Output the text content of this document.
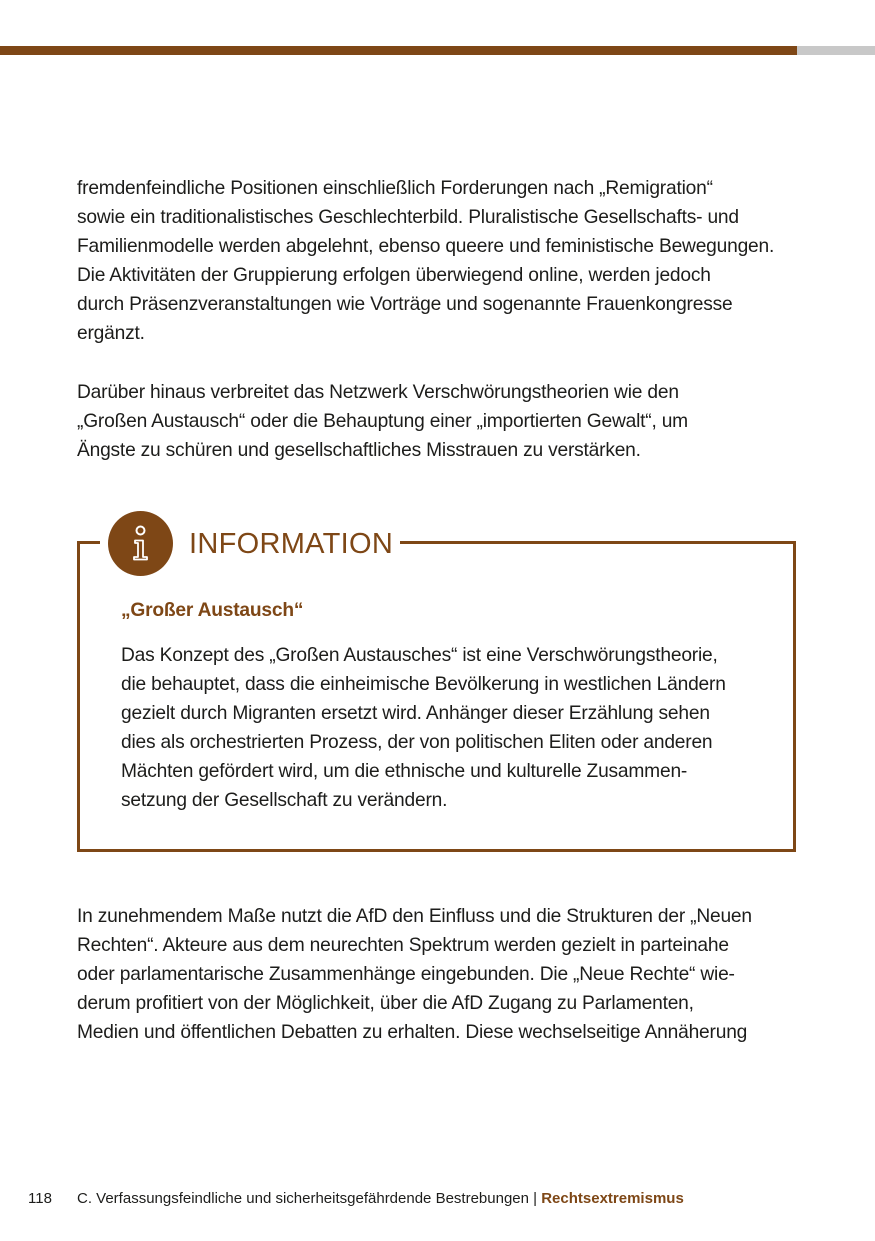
fremdenfeindliche Positionen einschließlich Forderungen nach „Remigration“
sowie ein traditionalistisches Geschlechterbild. Pluralistische Gesellschafts- und
Familienmodelle werden abgelehnt, ebenso queere und feministische Bewegungen.
Die Aktivitäten der Gruppierung erfolgen überwiegend online, werden jedoch
durch Präsenzveranstaltungen wie Vorträge und sogenannte Frauenkongresse
ergänzt.
Darüber hinaus verbreitet das Netzwerk Verschwörungstheorien wie den
„Großen Austausch“ oder die Behauptung einer „importierten Gewalt“, um
Ängste zu schüren und gesellschaftliches Misstrauen zu verstärken.
INFORMATION
„Großer Austausch“
Das Konzept des „Großen Austausches“ ist eine Verschwörungstheorie,
die behauptet, dass die einheimische Bevölkerung in westlichen Ländern
gezielt durch Migranten ersetzt wird. Anhänger dieser Erzählung sehen
dies als orchestrierten Prozess, der von politischen Eliten oder anderen
Mächten gefördert wird, um die ethnische und kulturelle Zusammen-
setzung der Gesellschaft zu verändern.
In zunehmendem Maße nutzt die AfD den Einfluss und die Strukturen der „Neuen
Rechten“. Akteure aus dem neurechten Spektrum werden gezielt in parteinahe
oder parlamentarische Zusammenhänge eingebunden. Die „Neue Rechte“ wie-
derum profitiert von der Möglichkeit, über die AfD Zugang zu Parlamenten,
Medien und öffentlichen Debatten zu erhalten. Diese wechselseitige Annäherung
118 C. Verfassungsfeindliche und sicherheitsgefährdende Bestrebungen | Rechtsextremismus
